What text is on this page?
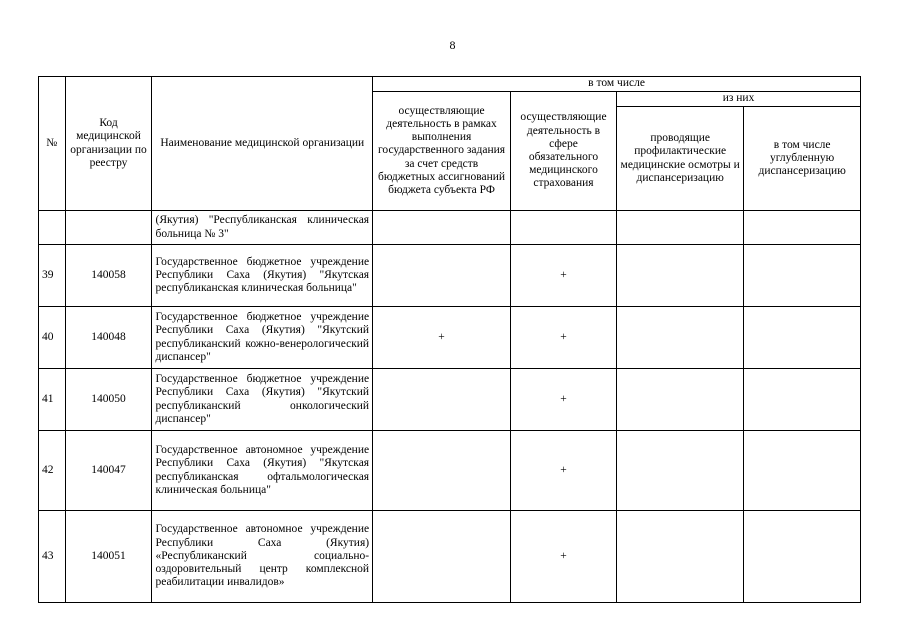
8
№	Код медицинской организации по реестру	Наименование медицинской организации	в том числе			
			осуществляющие деятельность в рамках выполнения государственного задания за счет средств бюджетных ассигнований бюджета субъекта РФ	осуществляющие деятельность в сфере обязательного медицинского страхования	из них	
					проводящие профилактические медицинские осмотры и диспансеризацию	в том числе углубленную диспансеризацию
		(Якутия) "Республиканская клиническая больница № 3"				
39	140058	Государственное бюджетное учреждение Республики Саха (Якутия) "Якутская республиканская клиническая больница"		+		
40	140048	Государственное бюджетное учреждение Республики Саха (Якутия) "Якутский республиканский кожно-венерологический диспансер"	+	+		
41	140050	Государственное бюджетное учреждение Республики Саха (Якутия) "Якутский республиканский онкологический диспансер"		+		
42	140047	Государственное автономное учреждение Республики Саха (Якутия) "Якутская республиканская офтальмологическая клиническая больница"		+		
43	140051	Государственное автономное учреждение Республики Саха (Якутия) «Республиканский социально-оздоровительный центр комплексной реабилитации инвалидов»		+		
